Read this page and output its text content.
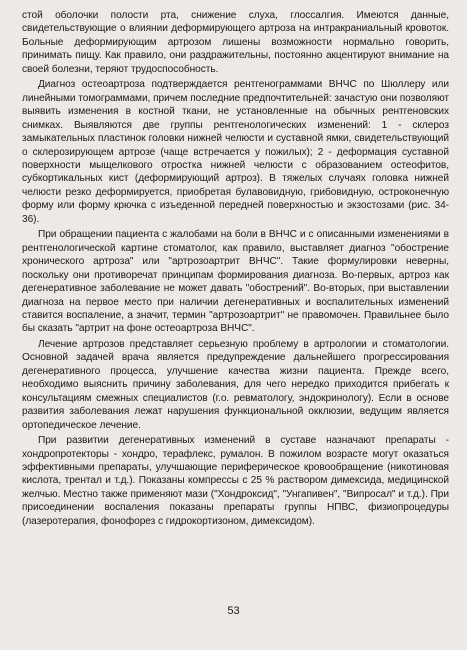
стой оболочки полости рта, снижение слуха, глоссалгия. Имеются данные, свидетельствующие о влиянии деформирующего артроза на интракраниальный кровоток. Больные деформирующим артрозом лишены возможности нормально говорить, принимать пищу. Как правило, они раздражительны, постоянно акцентируют внимание на своей болезни, теряют трудоспособность.

Диагноз остеоартроза подтверждается рентгенограммами ВНЧС по Шюллеру или линейными томограммами, причем последние предпочтительней: зачастую они позволяют выявить изменения в костной ткани, не установленные на обычных рентгеновских снимках. Выявляются две группы рентгенологических изменений: 1 - склероз замыкательных пластинок головки нижней челюсти и суставной ямки, свидетельствующий о склерозирующем артрозе (чаще встречается у пожилых); 2 - деформация суставной поверхности мыщелкового отростка нижней челюсти с образованием остеофитов, субкортикальных кист (деформирующий артроз). В тяжелых случаях головка нижней челюсти резко деформируется, приобретая булавовидную, грибовидную, остроконечную форму или форму крючка с изъеденной передней поверхностью и экзостозами (рис. 34-36).

При обращении пациента с жалобами на боли в ВНЧС и с описанными изменениями в рентгенологической картине стоматолог, как правило, выставляет диагноз "обострение хронического артроза" или "артрозоартрит ВНЧС". Такие формулировки неверны, поскольку они противоречат принципам формирования диагноза. Во-первых, артроз как дегенеративное заболевание не может давать "обострений". Во-вторых, при выставлении диагноза на первое место при наличии дегенеративных и воспалительных изменений ставится воспаление, а значит, термин "артрозоартрит" не правомочен. Правильнее было бы сказать "артрит на фоне остеоартроза ВНЧС".

Лечение артрозов представляет серьезную проблему в артрологии и стоматологии. Основной задачей врача является предупреждение дальнейшего прогрессирования дегенеративного процесса, улучшение качества жизни пациента. Прежде всего, необходимо выяснить причину заболевания, для чего нередко приходится прибегать к консультациям смежных специалистов (г.о. ревматологу, эндокринологу). Если в основе развития заболевания лежат нарушения функциональной окклюзии, ведущим является ортопедическое лечение.

При развитии дегенеративных изменений в суставе назначают препараты - хондропротекторы - хондро, терафлекс, румалон. В пожилом возрасте могут оказаться эффективными препараты, улучшающие периферическое кровообращение (никотиновая кислота, трентал и т.д.). Показаны компрессы с 25 % раствором димексида, медицинской желчью. Местно также применяют мази ("Хондроксид", "Унгапивен", "Випросал" и т.д.). При присоединении воспаления показаны препараты группы НПВС, физиопроцедуры (лазеротерапия, фонофорез с гидрокортизоном, димексидом).

53
